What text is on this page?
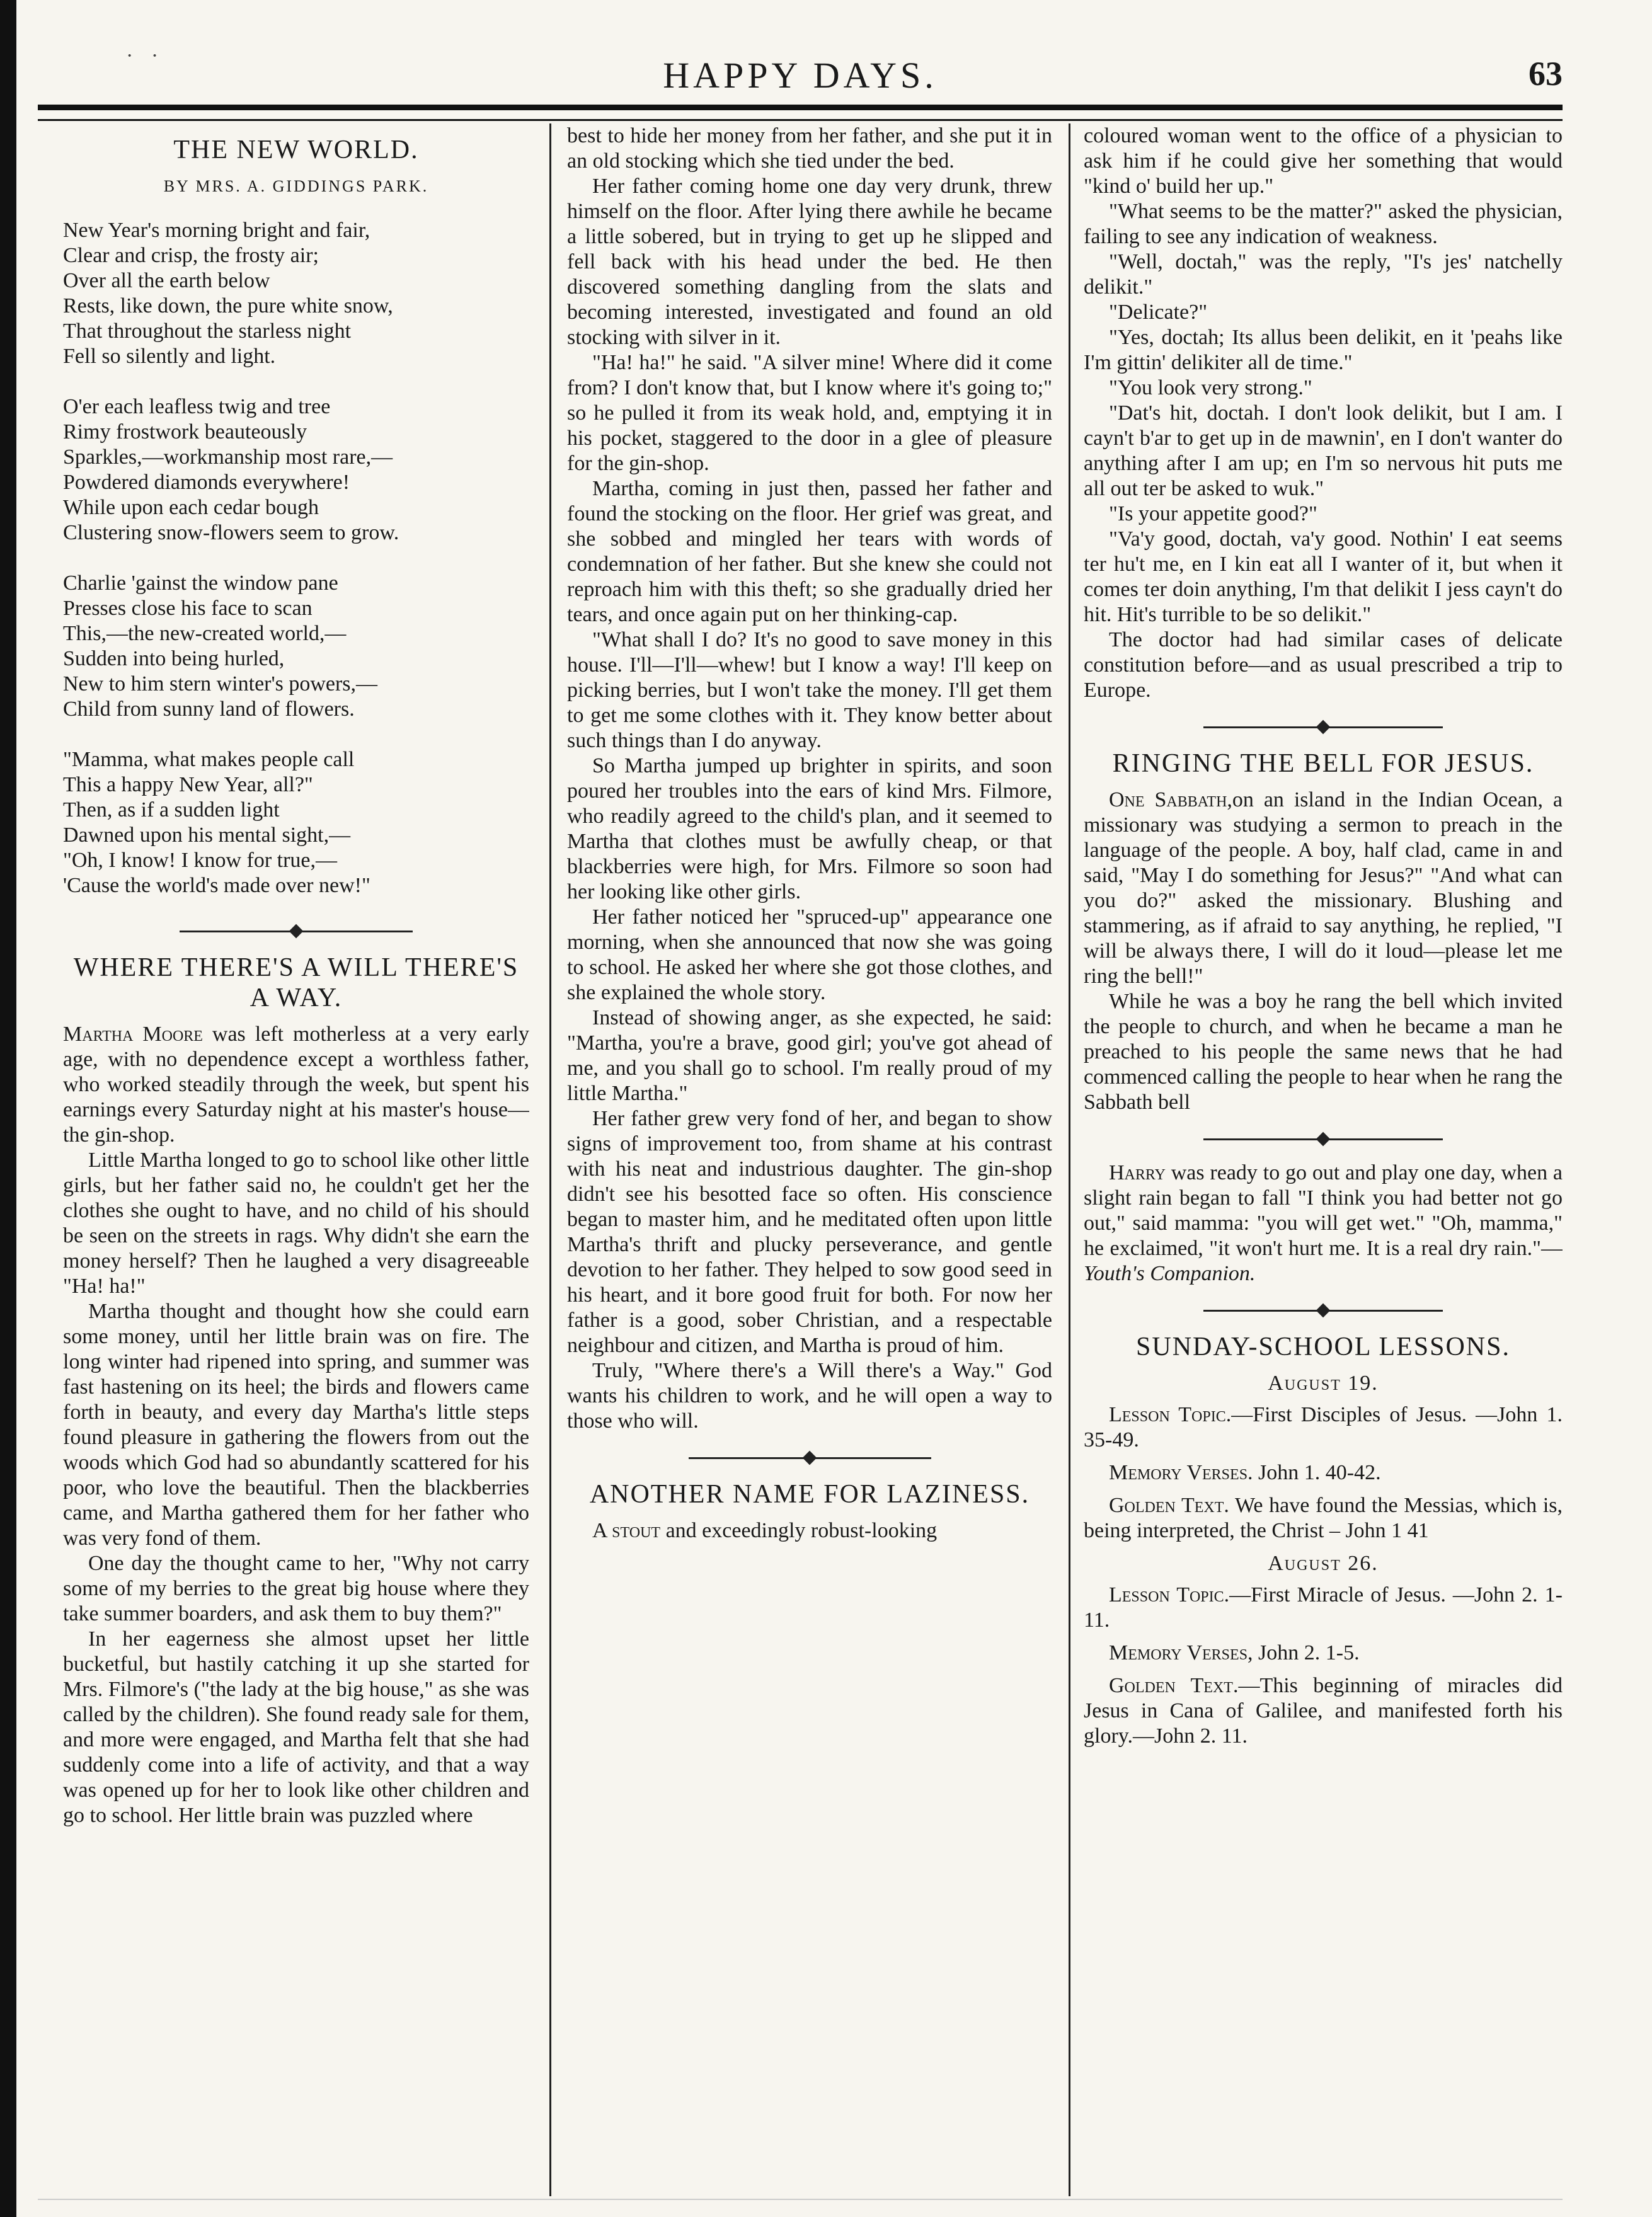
· ·	HAPPY DAYS.	63
THE NEW WORLD.
BY MRS. A. GIDDINGS PARK.
New Year's morning bright and fair,
Clear and crisp, the frosty air;
Over all the earth below
Rests, like down, the pure white snow,
That throughout the starless night
Fell so silently and light.
O'er each leafless twig and tree
Rimy frostwork beauteously
Sparkles,—workmanship most rare,—
Powdered diamonds everywhere!
While upon each cedar bough
Clustering snow-flowers seem to grow.
Charlie 'gainst the window pane
Presses close his face to scan
This,—the new-created world,—
Sudden into being hurled,
New to him stern winter's powers,—
Child from sunny land of flowers.
"Mamma, what makes people call
This a happy New Year, all?"
Then, as if a sudden light
Dawned upon his mental sight,—
"Oh, I know! I know for true,—
'Cause the world's made over new!"
WHERE THERE'S A WILL THERE'S A WAY.

Martha Moore was left motherless at a very early age, with no dependence except a worthless father, who worked steadily through the week, but spent his earnings every Saturday night at his master's house—the gin-shop.

Little Martha longed to go to school like other little girls, but her father said no, he couldn't get her the clothes she ought to have, and no child of his should be seen on the streets in rags. Why didn't she earn the money herself? Then he laughed a very disagreeable "Ha! ha!"

Martha thought and thought how she could earn some money, until her little brain was on fire. The long winter had ripened into spring, and summer was fast hastening on its heel; the birds and flowers came forth in beauty, and every day Martha's little steps found pleasure in gathering the flowers from out the woods which God had so abundantly scattered for his poor, who love the beautiful. Then the blackberries came, and Martha gathered them for her father who was very fond of them.

One day the thought came to her, "Why not carry some of my berries to the great big house where they take summer boarders, and ask them to buy them?"

In her eagerness she almost upset her little bucketful, but hastily catching it up she started for Mrs. Filmore's ("the lady at the big house," as she was called by the children). She found ready sale for them, and more were engaged, and Martha felt that she had suddenly come into a life of activity, and that a way was opened up for her to look like other children and go to school. Her little brain was puzzled where

best to hide her money from her father, and she put it in an old stocking which she tied under the bed.

Her father coming home one day very drunk, threw himself on the floor. After lying there awhile he became a little sobered, but in trying to get up he slipped and fell back with his head under the bed. He then discovered something dangling from the slats and becoming interested, investigated and found an old stocking with silver in it.

"Ha! ha!" he said. "A silver mine! Where did it come from? I don't know that, but I know where it's going to;" so he pulled it from its weak hold, and, emptying it in his pocket, staggered to the door in a glee of pleasure for the gin-shop.

Martha, coming in just then, passed her father and found the stocking on the floor. Her grief was great, and she sobbed and mingled her tears with words of condemnation of her father. But she knew she could not reproach him with this theft; so she gradually dried her tears, and once again put on her thinking-cap.

"What shall I do? It's no good to save money in this house. I'll—I'll—whew! but I know a way! I'll keep on picking berries, but I won't take the money. I'll get them to get me some clothes with it. They know better about such things than I do anyway.

So Martha jumped up brighter in spirits, and soon poured her troubles into the ears of kind Mrs. Filmore, who readily agreed to the child's plan, and it seemed to Martha that clothes must be awfully cheap, or that blackberries were high, for Mrs. Filmore so soon had her looking like other girls.

Her father noticed her "spruced-up" appearance one morning, when she announced that now she was going to school. He asked her where she got those clothes, and she explained the whole story.

Instead of showing anger, as she expected, he said: "Martha, you're a brave, good girl; you've got ahead of me, and you shall go to school. I'm really proud of my little Martha."

Her father grew very fond of her, and began to show signs of improvement too, from shame at his contrast with his neat and industrious daughter. The gin-shop didn't see his besotted face so often. His conscience began to master him, and he meditated often upon little Martha's thrift and plucky perseverance, and gentle devotion to her father. They helped to sow good seed in his heart, and it bore good fruit for both. For now her father is a good, sober Christian, and a respectable neighbour and citizen, and Martha is proud of him.

Truly, "Where there's a Will there's a Way." God wants his children to work, and he will open a way to those who will.

ANOTHER NAME FOR LAZINESS.

A stout and exceedingly robust-looking

coloured woman went to the office of a physician to ask him if he could give her something that would "kind o' build her up."

"What seems to be the matter?" asked the physician, failing to see any indication of weakness.

"Well, doctah," was the reply, "I's jes' natchelly delikit."

"Delicate?"

"Yes, doctah; Its allus been delikit, en it 'peahs like I'm gittin' delikiter all de time."

"You look very strong."

"Dat's hit, doctah. I don't look delikit, but I am. I cayn't b'ar to get up in de mawnin', en I don't wanter do anything after I am up; en I'm so nervous hit puts me all out ter be asked to wuk."

"Is your appetite good?"

"Va'y good, doctah, va'y good. Nothin' I eat seems ter hu't me, en I kin eat all I wanter of it, but when it comes ter doin anything, I'm that delikit I jess cayn't do hit. Hit's turrible to be so delikit."

The doctor had had similar cases of delicate constitution before—and as usual prescribed a trip to Europe.

RINGING THE BELL FOR JESUS.

One Sabbath,on an island in the Indian Ocean, a missionary was studying a sermon to preach in the language of the people. A boy, half clad, came in and said, "May I do something for Jesus?" "And what can you do?" asked the missionary. Blushing and stammering, as if afraid to say anything, he replied, "I will be always there, I will do it loud—please let me ring the bell!"

While he was a boy he rang the bell which invited the people to church, and when he became a man he preached to his people the same news that he had commenced calling the people to hear when he rang the Sabbath bell

Harry was ready to go out and play one day, when a slight rain began to fall "I think you had better not go out," said mamma: "you will get wet." "Oh, mamma," he exclaimed, "it won't hurt me. It is a real dry rain."—Youth's Companion.

SUNDAY-SCHOOL LESSONS.
August 19.

Lesson Topic.—First Disciples of Jesus. —John 1. 35-49.

Memory Verses. John 1. 40-42.

Golden Text. We have found the Messias, which is, being interpreted, the Christ – John 1 41

August 26.

Lesson Topic.—First Miracle of Jesus. —John 2. 1-11.

Memory Verses, John 2. 1-5.

Golden Text.—This beginning of miracles did Jesus in Cana of Galilee, and manifested forth his glory.—John 2. 11.
